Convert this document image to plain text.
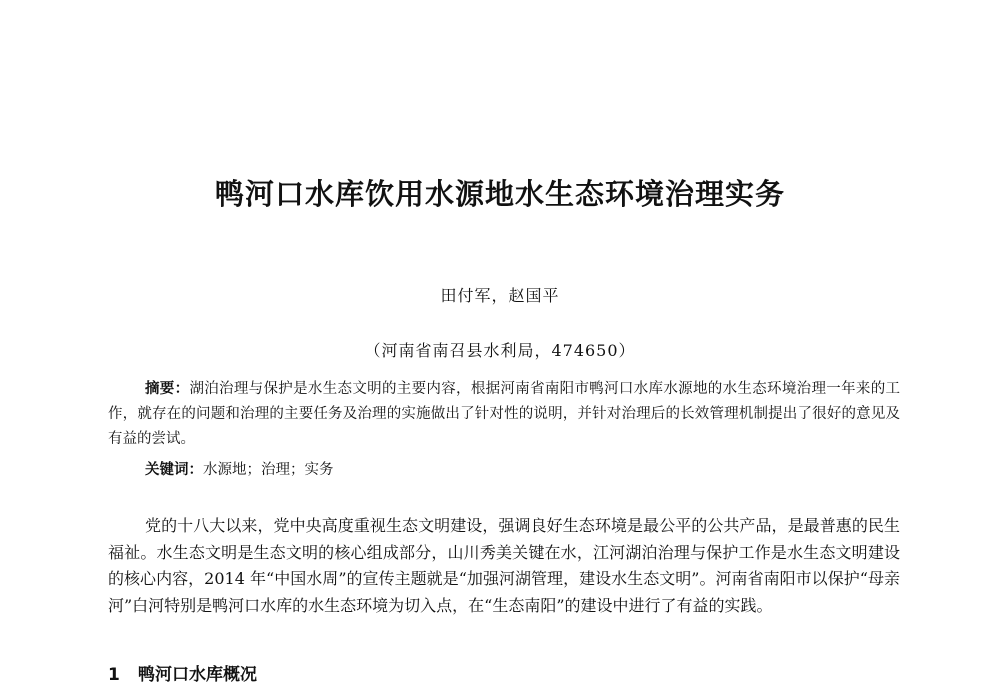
鸭河口水库饮用水源地水生态环境治理实务
田付军，赵国平
（河南省南召县水利局，474650）
摘要：湖泊治理与保护是水生态文明的主要内容，根据河南省南阳市鸭河口水库水源地的水生态环境治理一年来的工作，就存在的问题和治理的主要任务及治理的实施做出了针对性的说明，并针对治理后的长效管理机制提出了很好的意见及有益的尝试。
关键词：水源地；治理；实务
党的十八大以来，党中央高度重视生态文明建设，强调良好生态环境是最公平的公共产品，是最普惠的民生福祉。水生态文明是生态文明的核心组成部分，山川秀美关键在水，江河湖泊治理与保护工作是水生态文明建设的核心内容，2014 年“中国水周”的宣传主题就是“加强河湖管理，建设水生态文明”。河南省南阳市以保护“母亲河”白河特别是鸭河口水库的水生态环境为切入点，在“生态南阳”的建设中进行了有益的实践。
1 鸭河口水库概况
